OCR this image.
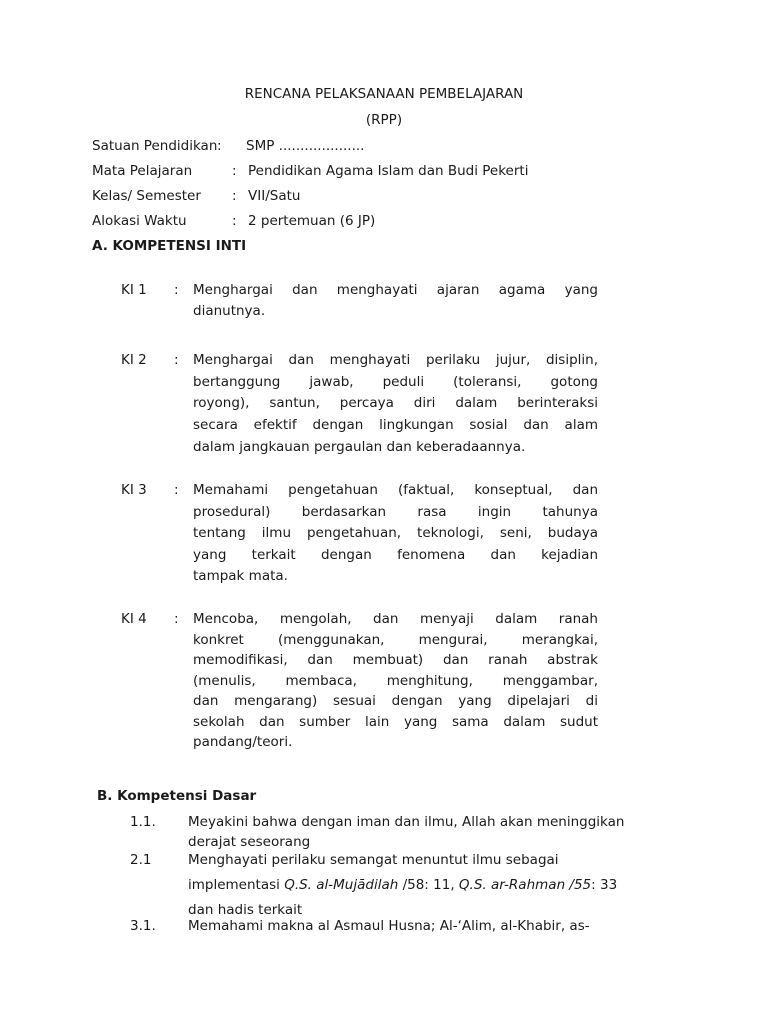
RENCANA PELAKSANAAN PEMBELAJARAN
(RPP)
Satuan Pendidikan : SMP ....................
Mata Pelajaran	: Pendidikan Agama Islam dan Budi Pekerti
Kelas/ Semester : VII/Satu
Alokasi Waktu	: 2 pertemuan (6 JP)
A. KOMPETENSI INTI
KI 1 : Menghargai dan menghayati ajaran agama yang
dianutnya.
KI 2 : Menghargai dan menghayati perilaku jujur, disiplin,
bertanggung jawab, peduli (toleransi, gotong
royong), santun, percaya diri dalam berinteraksi
secara efektif dengan lingkungan sosial dan alam
dalam jangkauan pergaulan dan keberadaannya.
KI 3 : Memahami pengetahuan (faktual, konseptual, dan
prosedural) berdasarkan rasa ingin tahunya
tentang ilmu pengetahuan, teknologi, seni, budaya
yang terkait dengan fenomena dan kejadian
tampak mata.
KI 4 : Mencoba, mengolah, dan menyaji dalam ranah
konkret (menggunakan, mengurai, merangkai,
memodifikasi, dan membuat) dan ranah abstrak
(menulis, membaca, menghitung, menggambar,
dan mengarang) sesuai dengan yang dipelajari di
sekolah dan sumber lain yang sama dalam sudut
pandang/teori.
B. Kompetensi Dasar
1.1. Meyakini bahwa dengan iman dan ilmu, Allah akan meninggikan
derajat seseorang
2.1	Menghayati perilaku semangat menuntut ilmu sebagai
implementasi Q.S. al-Mujādilah /58: 11, Q.S. ar-Rahman /55: 33
dan hadis terkait
3.1. Memahami makna al Asmaul Husna; Al-‘Alim, al-Khabir, as-
